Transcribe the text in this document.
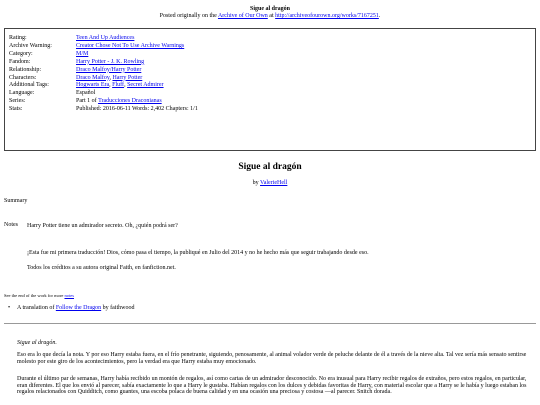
Sigue al dragón
Posted originally on the Archive of Our Own at http://archiveofourown.org/works/7167251.
Rating:	Teen And Up Audiences
Archive Warning:	Creator Chose Not To Use Archive Warnings
Category:	M/M
Fandom:	Harry Potter - J. K. Rowling
Relationship:	Draco Malfoy/Harry Potter
Characters:	Draco Malfoy, Harry Potter
Additional Tags:	Hogwarts Era, Fluff, Secret Admirer
Language:	Español
Series:	Part 1 of Traducciones Draconianas
Stats:	Published: 2016-06-11 Words: 2,402 Chapters: 1/1
Sigue al dragón
by ValerieHell
Summary
Harry Potter tiene un admirador secreto. Oh, ¿quién podrá ser?
Notes
¡Esta fue mi primera traducción! Dios, cómo pasa el tiempo, la publiqué en Julio del 2014 y no he hecho más que seguir trabajando desde eso.
Todos los créditos a su autora original Faith, en fanfiction.net.
See the end of the work for more notes
• A translation of Follow the Dragon by faithwood
Sigue al dragón.
Eso era lo que decía la nota. Y por eso Harry estaba fuera, en el frío penetrante, siguiendo, penosamente, al animal volador verde de peluche delante de él a través de la nieve alta. Tal vez sería más sensato sentirse molesto por este giro de los acontecimientos, pero la verdad era que Harry estaba muy emocionado.
Durante el último par de semanas, Harry había recibido un montón de regalos, así como cartas de un admirador desconocido. No era inusual para Harry recibir regalos de extraños, pero estos regalos, en particular, eran diferentes. El que los envió al parecer, sabía exactamente lo que a Harry le gustaba. Habían regalos con los dulces y debidas favoritas de Harry, con material escolar que a Harry se le había y luego estaban los regalos relacionados con Quidditch, como guantes, una escoba polaca de buena calidad y en una ocasión una preciosa y costosa —al parecer. Snitch dorada.
